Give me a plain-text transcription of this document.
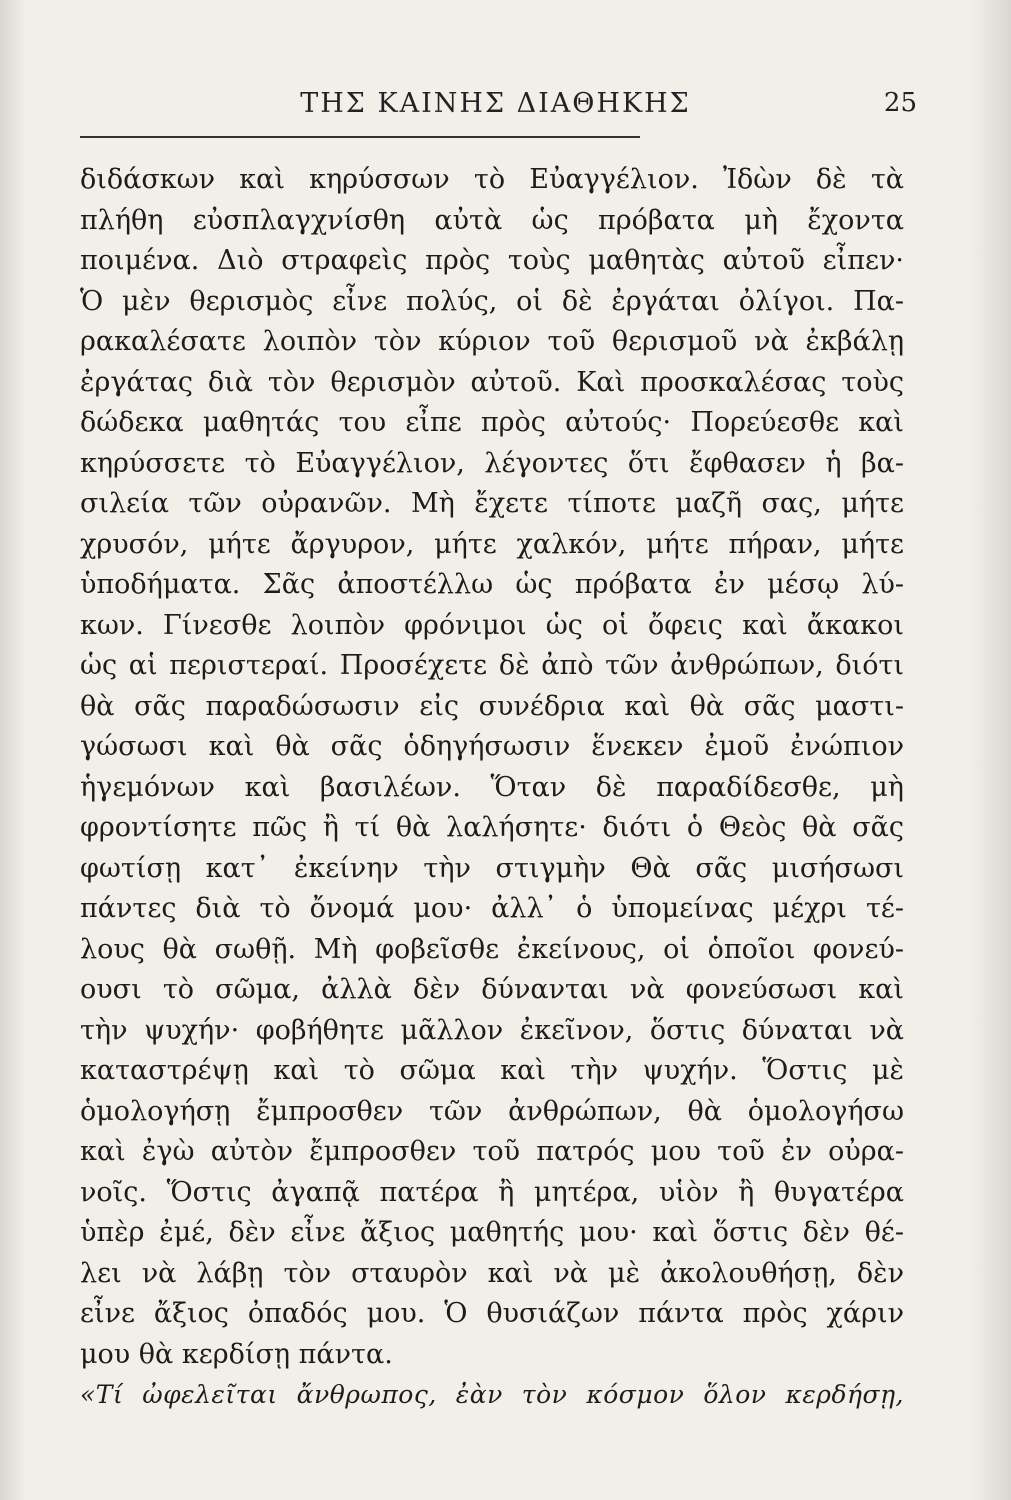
ΤΗΣ ΚΑΙΝΗΣ ΔΙΑΘΗΚΗΣ	25
διδάσκων καὶ κηρύσσων τὸ Εὐαγγέλιον. Ἰδὼν δὲ τὰ
πλήθη εὐσπλαγχνίσθη αὐτὰ ὡς πρόβατα μὴ ἔχοντα
ποιμένα. Διὸ στραφεὶς πρὸς τοὺς μαθητὰς αὐτοῦ εἶπεν·
Ὁ μὲν θερισμὸς εἶνε πολύς, οἱ δὲ ἐργάται ὀλίγοι. Πα-
ρακαλέσατε λοιπὸν τὸν κύριον τοῦ θερισμοῦ νὰ ἐκβάλῃ
ἐργάτας διὰ τὸν θερισμὸν αὐτοῦ. Καὶ προσκαλέσας τοὺς
δώδεκα μαθητάς του εἶπε πρὸς αὐτούς· Πορεύεσθε καὶ
κηρύσσετε τὸ Εὐαγγέλιον, λέγοντες ὅτι ἔφθασεν ἡ βα-
σιλεία τῶν οὐρανῶν. Μὴ ἔχετε τίποτε μαζῆ σας, μήτε
χρυσόν, μήτε ἄργυρον, μήτε χαλκόν, μήτε πήραν, μήτε
ὑποδήματα. Σᾶς ἀποστέλλω ὡς πρόβατα ἐν μέσῳ λύ-
κων. Γίνεσθε λοιπὸν φρόνιμοι ὡς οἱ ὄφεις καὶ ἄκακοι
ὡς αἱ περιστεραί. Προσέχετε δὲ ἀπὸ τῶν ἀνθρώπων, διότι
θὰ σᾶς παραδώσωσιν εἰς συνέδρια καὶ θὰ σᾶς μαστι-
γώσωσι καὶ θὰ σᾶς ὁδηγήσωσιν ἕνεκεν ἐμοῦ ἐνώπιον
ἡγεμόνων καὶ βασιλέων. Ὅταν δὲ παραδίδεσθε, μὴ
φροντίσητε πῶς ἢ τί θὰ λαλήσητε· διότι ὁ Θεὸς θὰ σᾶς
φωτίσῃ κατ᾽ ἐκείνην τὴν στιγμὴν Θὰ σᾶς μισήσωσι
πάντες διὰ τὸ ὄνομά μου· ἀλλ᾽ ὁ ὑπομείνας μέχρι τέ-
λους θὰ σωθῇ. Μὴ φοβεῖσθε ἐκείνους, οἱ ὁποῖοι φονεύ-
ουσι τὸ σῶμα, ἀλλὰ δὲν δύνανται νὰ φονεύσωσι καὶ
τὴν ψυχήν· φοβήθητε μᾶλλον ἐκεῖνον, ὅστις δύναται νὰ
καταστρέψῃ καὶ τὸ σῶμα καὶ τὴν ψυχήν. Ὅστις μὲ
ὁμολογήσῃ ἔμπροσθεν τῶν ἀνθρώπων, θὰ ὁμολογήσω
καὶ ἐγὼ αὐτὸν ἔμπροσθεν τοῦ πατρός μου τοῦ ἐν οὐρα-
νοῖς. Ὅστις ἀγαπᾷ πατέρα ἢ μητέρα, υἱὸν ἢ θυγατέρα
ὑπὲρ ἐμέ, δὲν εἶνε ἄξιος μαθητής μου· καὶ ὅστις δὲν θέ-
λει νὰ λάβῃ τὸν σταυρὸν καὶ νὰ μὲ ἀκολουθήσῃ, δὲν
εἶνε ἄξιος ὀπαδός μου. Ὁ θυσιάζων πάντα πρὸς χάριν
μου θὰ κερδίσῃ πάντα.
«Τί ὠφελεῖται ἄνθρωπος, ἐὰν τὸν κόσμον ὅλον κερδήσῃ,
